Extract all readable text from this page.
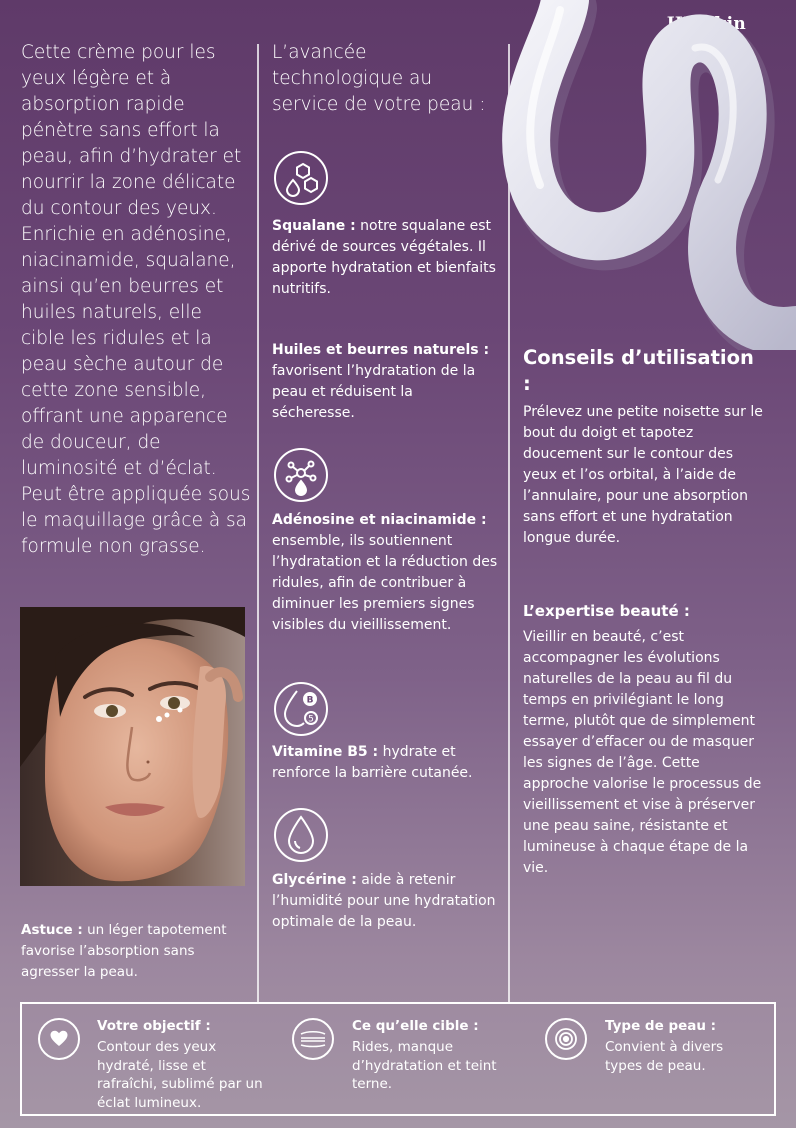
HL/Skin

Cette crème pour les yeux légère et à absorption rapide pénètre sans effort la peau, afin d’hydrater et nourrir la zone délicate du contour des yeux. Enrichie en adénosine, niacinamide, squalane, ainsi qu’en beurres et huiles naturels, elle cible les ridules et la peau sèche autour de cette zone sensible, offrant une apparence de douceur, de luminosité et d’éclat. Peut être appliquée sous le maquillage grâce à sa formule non grasse.

Astuce : un léger tapotement favorise l’absorption sans agresser la peau.

L’avancée technologique au service de votre peau :

Squalane : notre squalane est dérivé de sources végétales. Il apporte hydratation et bienfaits nutritifs.

Huiles et beurres naturels : favorisent l’hydratation de la peau et réduisent la sécheresse.

Adénosine et niacinamide : ensemble, ils soutiennent l’hydratation et la réduction des ridules, afin de contribuer à diminuer les premiers signes visibles du vieillissement.

B
5

Vitamine B5 : hydrate et renforce la barrière cutanée.

Glycérine : aide à retenir l’humidité pour une hydratation optimale de la peau.

Conseils d’utilisation :

Prélevez une petite noisette sur le bout du doigt et tapotez doucement sur le contour des yeux et l’os orbital, à l’aide de l’annulaire, pour une absorption sans effort et une hydratation longue durée.

L’expertise beauté :

Vieillir en beauté, c’est accompagner les évolutions naturelles de la peau au fil du temps en privilégiant le long terme, plutôt que de simplement essayer d’effacer ou de masquer les signes de l’âge. Cette approche valorise le processus de vieillissement et vise à préserver une peau saine, résistante et lumineuse à chaque étape de la vie.

Votre objectif :

Contour des yeux hydraté, lisse et rafraîchi, sublimé par un éclat lumineux.

Ce qu’elle cible :

Rides, manque d’hydratation et teint terne.

Type de peau :

Convient à divers types de peau.
